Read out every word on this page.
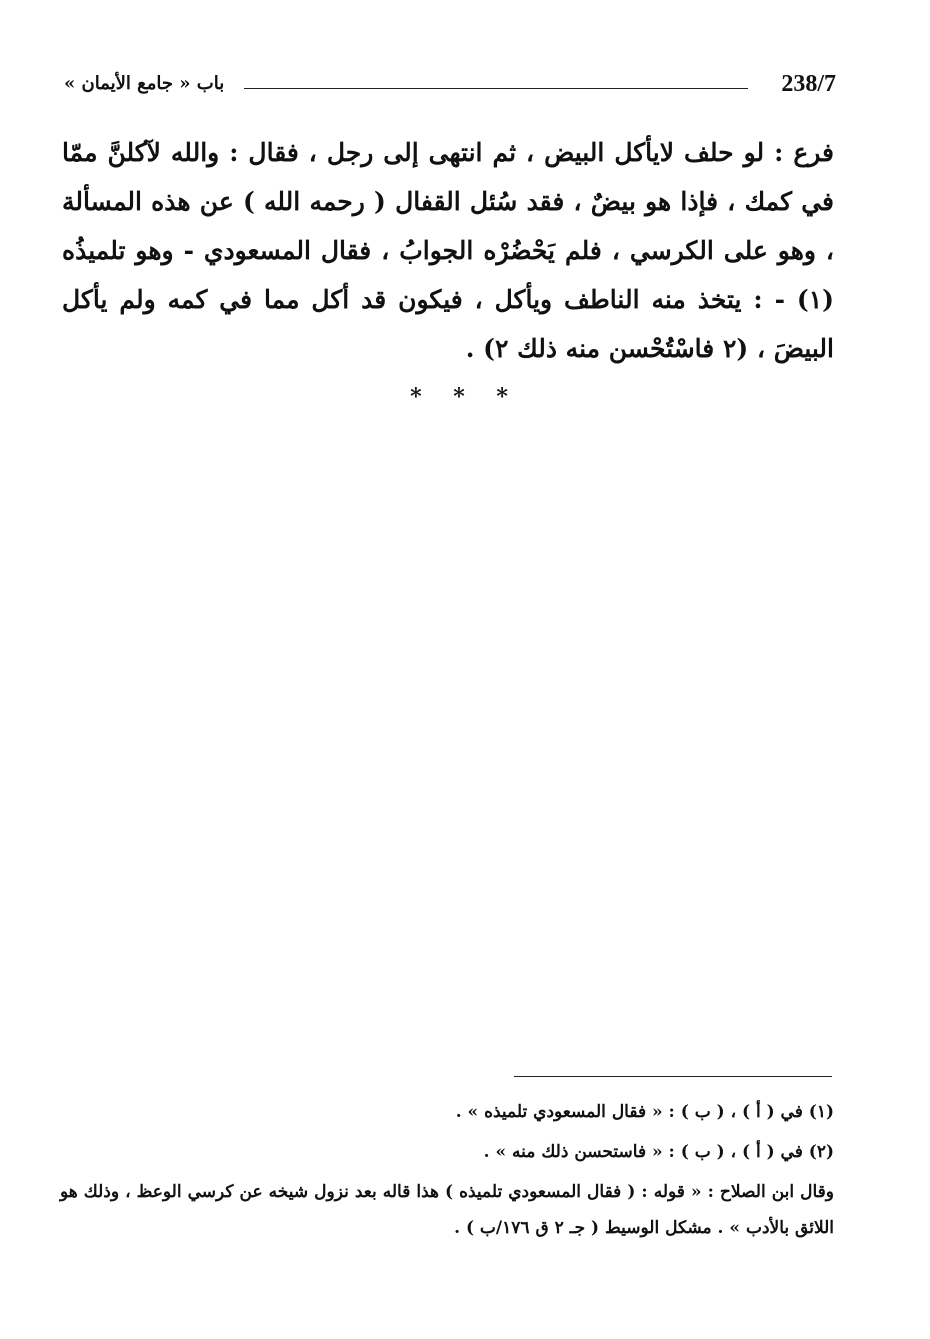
238/7
باب « جامع الأيمان »
فرع : لو حلف لايأكل البيض ، ثم انتهى إلى رجل ، فقال : والله لآكلنَّ ممّا في كمك ، فإذا هو بيضٌ ، فقد سُئل القفال ( رحمه الله ) عن هذه المسألة ، وهو على الكرسي ، فلم يَحْضُرْه الجوابُ ، فقال المسعودي - وهو تلميذُه (١) - : يتخذ منه الناطف ويأكل ، فيكون قد أكل مما في كمه ولم يأكل البيضَ ، (٢ فاسْتُحْسن منه ذلك ٢) .
* * *

(١) في ( أ ) ، ( ب ) : « فقال المسعودي تلميذه » .

(٢) في ( أ ) ، ( ب ) : « فاستحسن ذلك منه » .

وقال ابن الصلاح : « قوله : ( فقال المسعودي تلميذه ) هذا قاله بعد نزول شيخه عن كرسي الوعظ ، وذلك هو اللائق بالأدب » . مشكل الوسيط ( جـ ٢ ق ١٧٦/ب ) .
